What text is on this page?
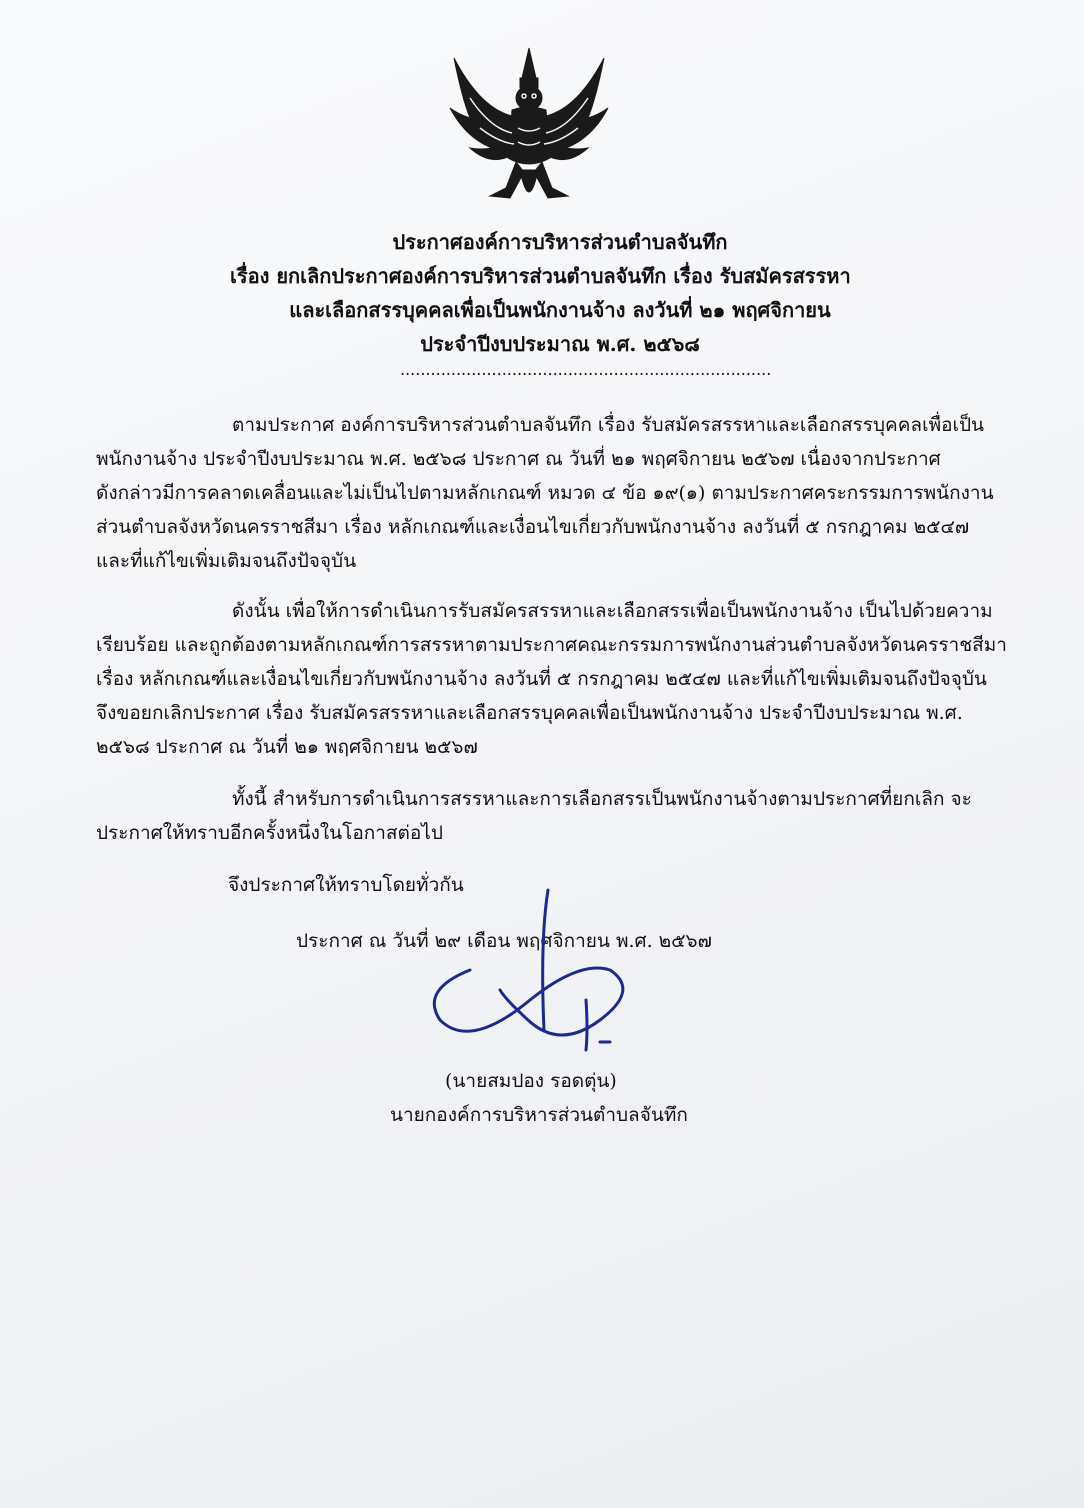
ประกาศองค์การบริหารส่วนตำบลจันทึก
เรื่อง ยกเลิกประกาศองค์การบริหารส่วนตำบลจันทึก เรื่อง รับสมัครสรรหา
และเลือกสรรบุคคลเพื่อเป็นพนักงานจ้าง ลงวันที่ ๒๑ พฤศจิกายน
ประจำปีงบประมาณ พ.ศ. ๒๕๖๘
.........................................................................
ตามประกาศ องค์การบริหารส่วนตำบลจันทึก เรื่อง รับสมัครสรรหาและเลือกสรรบุคคลเพื่อเป็น
พนักงานจ้าง ประจำปีงบประมาณ พ.ศ. ๒๕๖๘ ประกาศ ณ วันที่ ๒๑ พฤศจิกายน ๒๕๖๗ เนื่องจากประกาศ
ดังกล่าวมีการคลาดเคลื่อนและไม่เป็นไปตามหลักเกณฑ์ หมวด ๔ ข้อ ๑๙(๑) ตามประกาศคระกรรมการพนักงาน
ส่วนตำบลจังหวัดนครราชสีมา เรื่อง หลักเกณฑ์และเงื่อนไขเกี่ยวกับพนักงานจ้าง ลงวันที่ ๕ กรกฎาคม ๒๕๔๗
และที่แก้ไขเพิ่มเติมจนถึงปัจจุบัน
ดังนั้น เพื่อให้การดำเนินการรับสมัครสรรหาและเลือกสรรเพื่อเป็นพนักงานจ้าง เป็นไปด้วยความ
เรียบร้อย และถูกต้องตามหลักเกณฑ์การสรรหาตามประกาศคณะกรรมการพนักงานส่วนตำบลจังหวัดนครราชสีมา
เรื่อง หลักเกณฑ์และเงื่อนไขเกี่ยวกับพนักงานจ้าง ลงวันที่ ๕ กรกฎาคม ๒๕๔๗ และที่แก้ไขเพิ่มเติมจนถึงปัจจุบัน
จึงขอยกเลิกประกาศ เรื่อง รับสมัครสรรหาและเลือกสรรบุคคลเพื่อเป็นพนักงานจ้าง ประจำปีงบประมาณ พ.ศ.
๒๕๖๘ ประกาศ ณ วันที่ ๒๑ พฤศจิกายน ๒๕๖๗
ทั้งนี้ สำหรับการดำเนินการสรรหาและการเลือกสรรเป็นพนักงานจ้างตามประกาศที่ยกเลิก จะ
ประกาศให้ทราบอีกครั้งหนึ่งในโอกาสต่อไป
จึงประกาศให้ทราบโดยทั่วกัน
ประกาศ ณ วันที่ ๒๙ เดือน พฤศจิกายน พ.ศ. ๒๕๖๗
(นายสมปอง รอดตุ่น)
นายกองค์การบริหารส่วนตำบลจันทึก
